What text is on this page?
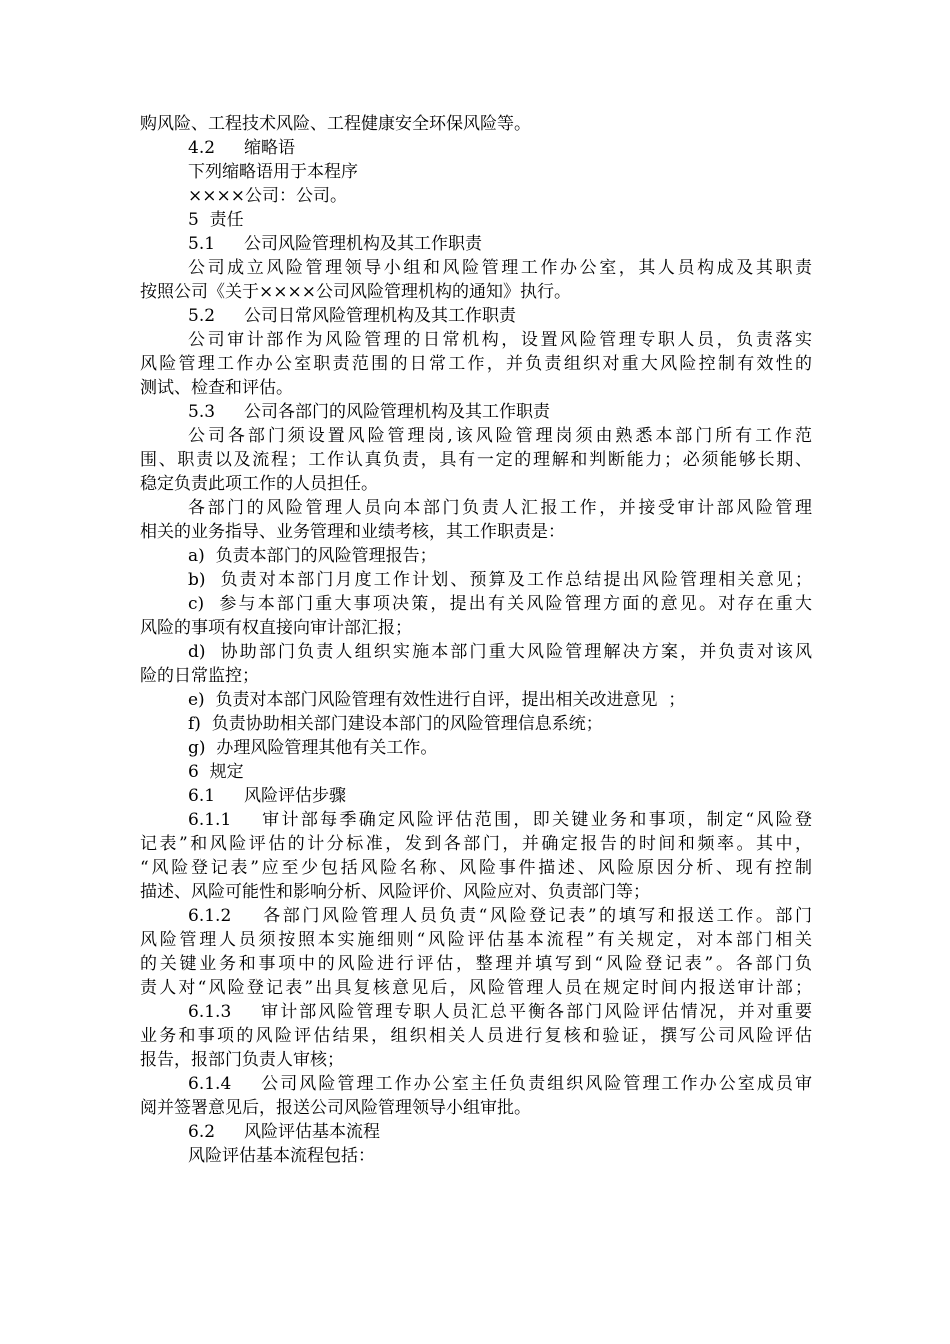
购风险、工程技术风险、工程健康安全环保风险等。
4.2 缩略语
下列缩略语用于本程序
××××公司：公司。
5  责任
5.1 公司风险管理机构及其工作职责
公司成立风险管理领导小组和风险管理工作办公室，其人员构成及其职责
按照公司《关于××××公司风险管理机构的通知》执行。
5.2 公司日常风险管理机构及其工作职责
公司审计部作为风险管理的日常机构，设置风险管理专职人员，负责落实
风险管理工作办公室职责范围的日常工作，并负责组织对重大风险控制有效性的
测试、检查和评估。
5.3 公司各部门的风险管理机构及其工作职责
公司各部门须设置风险管理岗,该风险管理岗须由熟悉本部门所有工作范
围、职责以及流程；工作认真负责，具有一定的理解和判断能力；必须能够长期、
稳定负责此项工作的人员担任。
各部门的风险管理人员向本部门负责人汇报工作，并接受审计部风险管理
相关的业务指导、业务管理和业绩考核，其工作职责是：
a)  负责本部门的风险管理报告；
b)  负责对本部门月度工作计划、预算及工作总结提出风险管理相关意见；
c)  参与本部门重大事项决策，提出有关风险管理方面的意见。对存在重大
风险的事项有权直接向审计部汇报；
d)  协助部门负责人组织实施本部门重大风险管理解决方案，并负责对该风
险的日常监控；
e)  负责对本部门风险管理有效性进行自评，提出相关改进意见  ；
f)  负责协助相关部门建设本部门的风险管理信息系统；
g)  办理风险管理其他有关工作。
6  规定
6.1 风险评估步骤
6.1.1    审计部每季确定风险评估范围，即关键业务和事项，制定“风险登
记表”和风险评估的计分标准，发到各部门，并确定报告的时间和频率。其中，
“风险登记表”应至少包括风险名称、风险事件描述、风险原因分析、现有控制
描述、风险可能性和影响分析、风险评价、风险应对、负责部门等；
6.1.2    各部门风险管理人员负责“风险登记表”的填写和报送工作。部门
风险管理人员须按照本实施细则“风险评估基本流程”有关规定，对本部门相关
的关键业务和事项中的风险进行评估，整理并填写到“风险登记表”。各部门负
责人对“风险登记表”出具复核意见后，风险管理人员在规定时间内报送审计部；
6.1.3    审计部风险管理专职人员汇总平衡各部门风险评估情况，并对重要
业务和事项的风险评估结果，组织相关人员进行复核和验证，撰写公司风险评估
报告，报部门负责人审核；
6.1.4    公司风险管理工作办公室主任负责组织风险管理工作办公室成员审
阅并签署意见后，报送公司风险管理领导小组审批。
6.2 风险评估基本流程
风险评估基本流程包括：
